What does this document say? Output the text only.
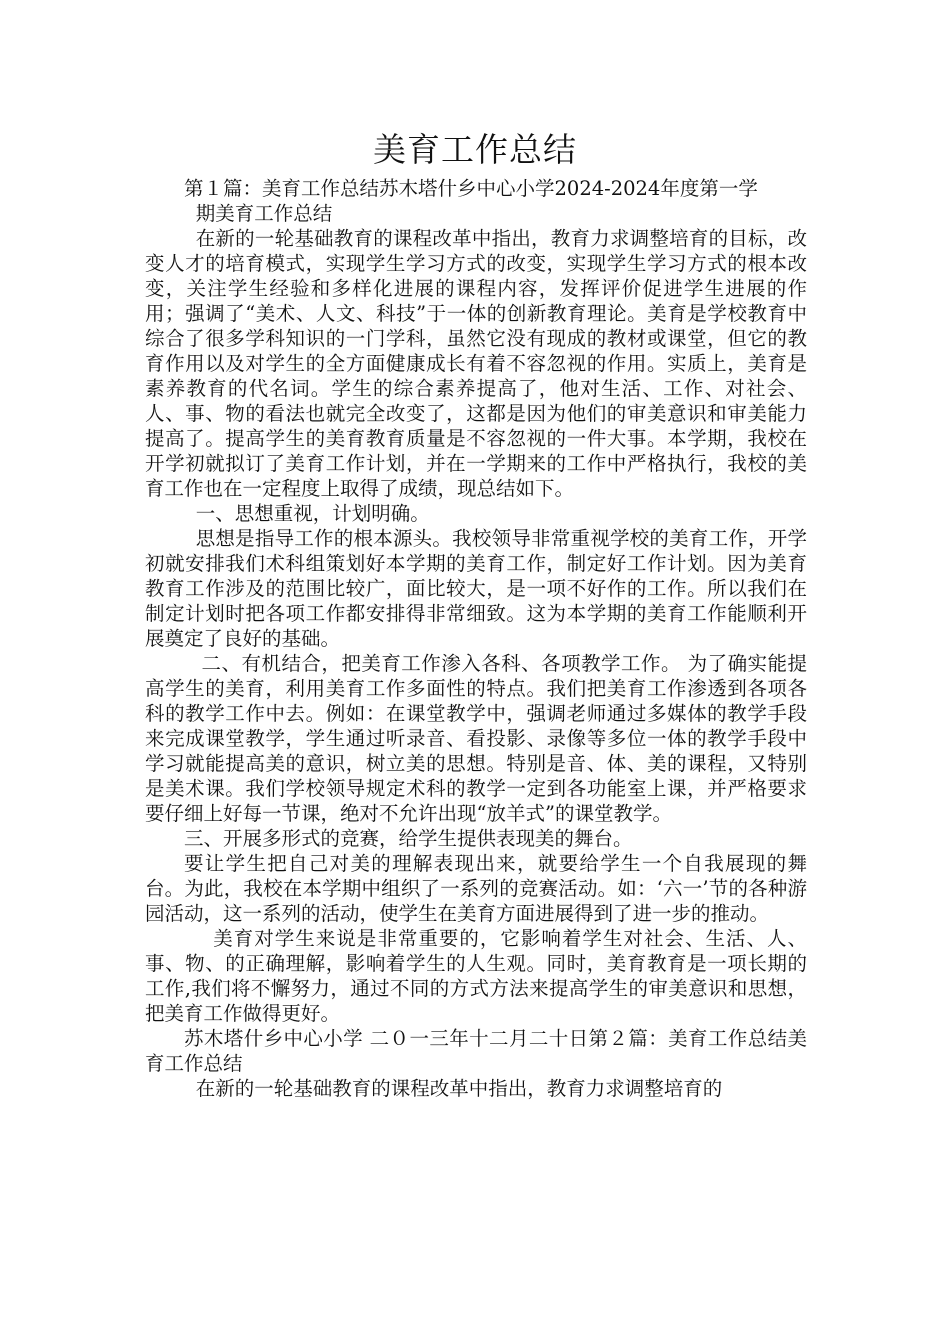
美育工作总结

第１篇：美育工作总结苏木塔什乡中心小学2024-2024年度第一学

期美育工作总结

在新的一轮基础教育的课程改革中指出，教育力求调整培育的目标，改变人才的培育模式，实现学生学习方式的改变，实现学生学习方式的根本改变，关注学生经验和多样化进展的课程内容，发挥评价促进学生进展的作用；强调了“美术、人文、科技”于一体的创新教育理论。美育是学校教育中综合了很多学科知识的一门学科，虽然它没有现成的教材或课堂，但它的教育作用以及对学生的全方面健康成长有着不容忽视的作用。实质上，美育是素养教育的代名词。学生的综合素养提高了，他对生活、工作、对社会、人、事、物的看法也就完全改变了，这都是因为他们的审美意识和审美能力提高了。提高学生的美育教育质量是不容忽视的一件大事。本学期，我校在开学初就拟订了美育工作计划，并在一学期来的工作中严格执行，我校的美育工作也在一定程度上取得了成绩，现总结如下。

一、思想重视，计划明确。

思想是指导工作的根本源头。我校领导非常重视学校的美育工作，开学初就安排我们术科组策划好本学期的美育工作，制定好工作计划。因为美育教育工作涉及的范围比较广，面比较大，是一项不好作的工作。所以我们在制定计划时把各项工作都安排得非常细致。这为本学期的美育工作能顺利开展奠定了良好的基础。

二、有机结合，把美育工作渗入各科、各项教学工作。 为了确实能提高学生的美育，利用美育工作多面性的特点。我们把美育工作渗透到各项各科的教学工作中去。例如：在课堂教学中，强调老师通过多媒体的教学手段来完成课堂教学，学生通过听录音、看投影、录像等多位一体的教学手段中学习就能提高美的意识，树立美的思想。特别是音、体、美的课程，又特别是美术课。我们学校领导规定术科的教学一定到各功能室上课，并严格要求要仔细上好每一节课，绝对不允许出现“放羊式”的课堂教学。

三、开展多形式的竞赛，给学生提供表现美的舞台。

要让学生把自己对美的理解表现出来，就要给学生一个自我展现的舞台。为此，我校在本学期中组织了一系列的竞赛活动。如：‘六一’节的各种游园活动，这一系列的活动，使学生在美育方面进展得到了进一步的推动。

美育对学生来说是非常重要的，它影响着学生对社会、生活、人、事、物、的正确理解，影响着学生的人生观。同时，美育教育是一项长期的工作,我们将不懈努力，通过不同的方式方法来提高学生的审美意识和思想，把美育工作做得更好。

苏木塔什乡中心小学 二０一三年十二月二十日第２篇：美育工作总结美育工作总结

在新的一轮基础教育的课程改革中指出，教育力求调整培育的
